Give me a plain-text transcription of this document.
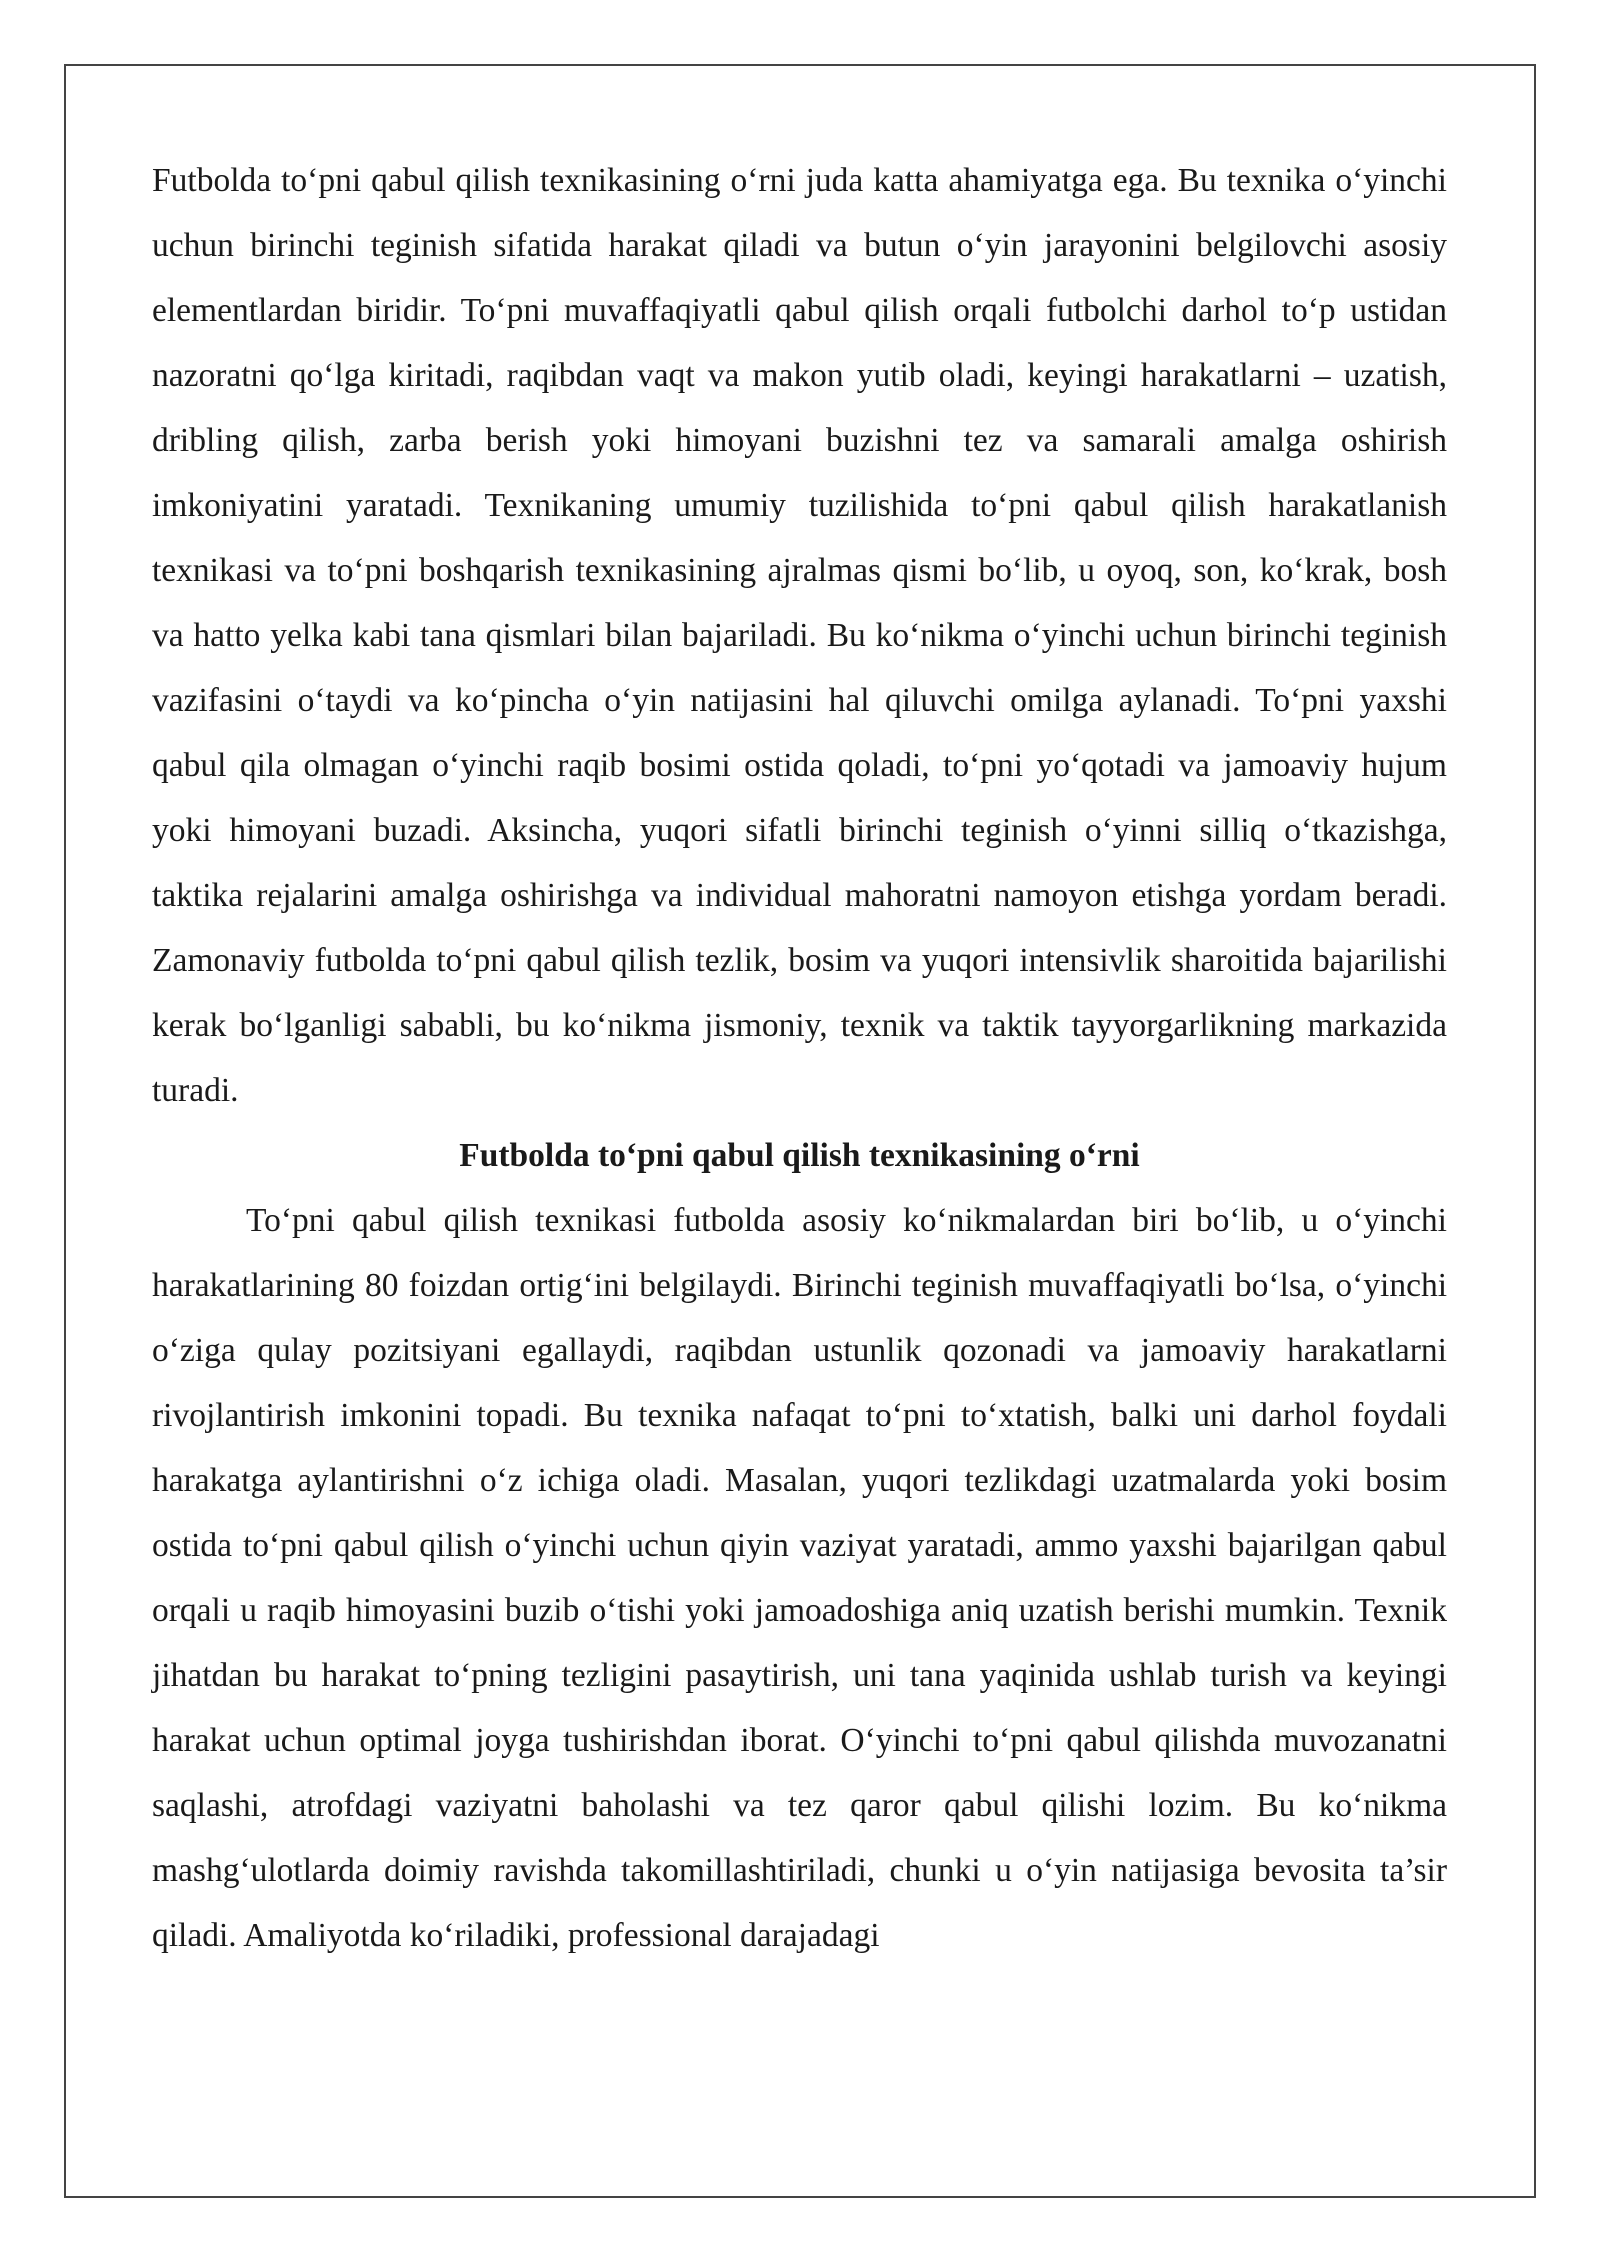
Futbolda to‘pni qabul qilish texnikasining o‘rni juda katta ahamiyatga ega. Bu texnika o‘yinchi uchun birinchi teginish sifatida harakat qiladi va butun o‘yin jarayonini belgilovchi asosiy elementlardan biridir. To‘pni muvaffaqiyatli qabul qilish orqali futbolchi darhol to‘p ustidan nazoratni qo‘lga kiritadi, raqibdan vaqt va makon yutib oladi, keyingi harakatlarni – uzatish, dribling qilish, zarba berish yoki himoyani buzishni tez va samarali amalga oshirish imkoniyatini yaratadi. Texnikaning umumiy tuzilishida to‘pni qabul qilish harakatlanish texnikasi va to‘pni boshqarish texnikasining ajralmas qismi bo‘lib, u oyoq, son, ko‘krak, bosh va hatto yelka kabi tana qismlari bilan bajariladi. Bu ko‘nikma o‘yinchi uchun birinchi teginish vazifasini o‘taydi va ko‘pincha o‘yin natijasini hal qiluvchi omilga aylanadi. To‘pni yaxshi qabul qila olmagan o‘yinchi raqib bosimi ostida qoladi, to‘pni yo‘qotadi va jamoaviy hujum yoki himoyani buzadi. Aksincha, yuqori sifatli birinchi teginish o‘yinni silliq o‘tkazishga, taktika rejalarini amalga oshirishga va individual mahoratni namoyon etishga yordam beradi. Zamonaviy futbolda to‘pni qabul qilish tezlik, bosim va yuqori intensivlik sharoitida bajarilishi kerak bo‘lganligi sababli, bu ko‘nikma jismoniy, texnik va taktik tayyorgarlikning markazida turadi.

Futbolda to‘pni qabul qilish texnikasining o‘rni

To‘pni qabul qilish texnikasi futbolda asosiy ko‘nikmalardan biri bo‘lib, u o‘yinchi harakatlarining 80 foizdan ortig‘ini belgilaydi. Birinchi teginish muvaffaqiyatli bo‘lsa, o‘yinchi o‘ziga qulay pozitsiyani egallaydi, raqibdan ustunlik qozonadi va jamoaviy harakatlarni rivojlantirish imkonini topadi. Bu texnika nafaqat to‘pni to‘xtatish, balki uni darhol foydali harakatga aylantirishni o‘z ichiga oladi. Masalan, yuqori tezlikdagi uzatmalarda yoki bosim ostida to‘pni qabul qilish o‘yinchi uchun qiyin vaziyat yaratadi, ammo yaxshi bajarilgan qabul orqali u raqib himoyasini buzib o‘tishi yoki jamoadoshiga aniq uzatish berishi mumkin. Texnik jihatdan bu harakat to‘pning tezligini pasaytirish, uni tana yaqinida ushlab turish va keyingi harakat uchun optimal joyga tushirishdan iborat. O‘yinchi to‘pni qabul qilishda muvozanatni saqlashi, atrofdagi vaziyatni baholashi va tez qaror qabul qilishi lozim. Bu ko‘nikma mashg‘ulotlarda doimiy ravishda takomillashtiriladi, chunki u o‘yin natijasiga bevosita ta’sir qiladi. Amaliyotda ko‘riladiki, professional darajadagi
